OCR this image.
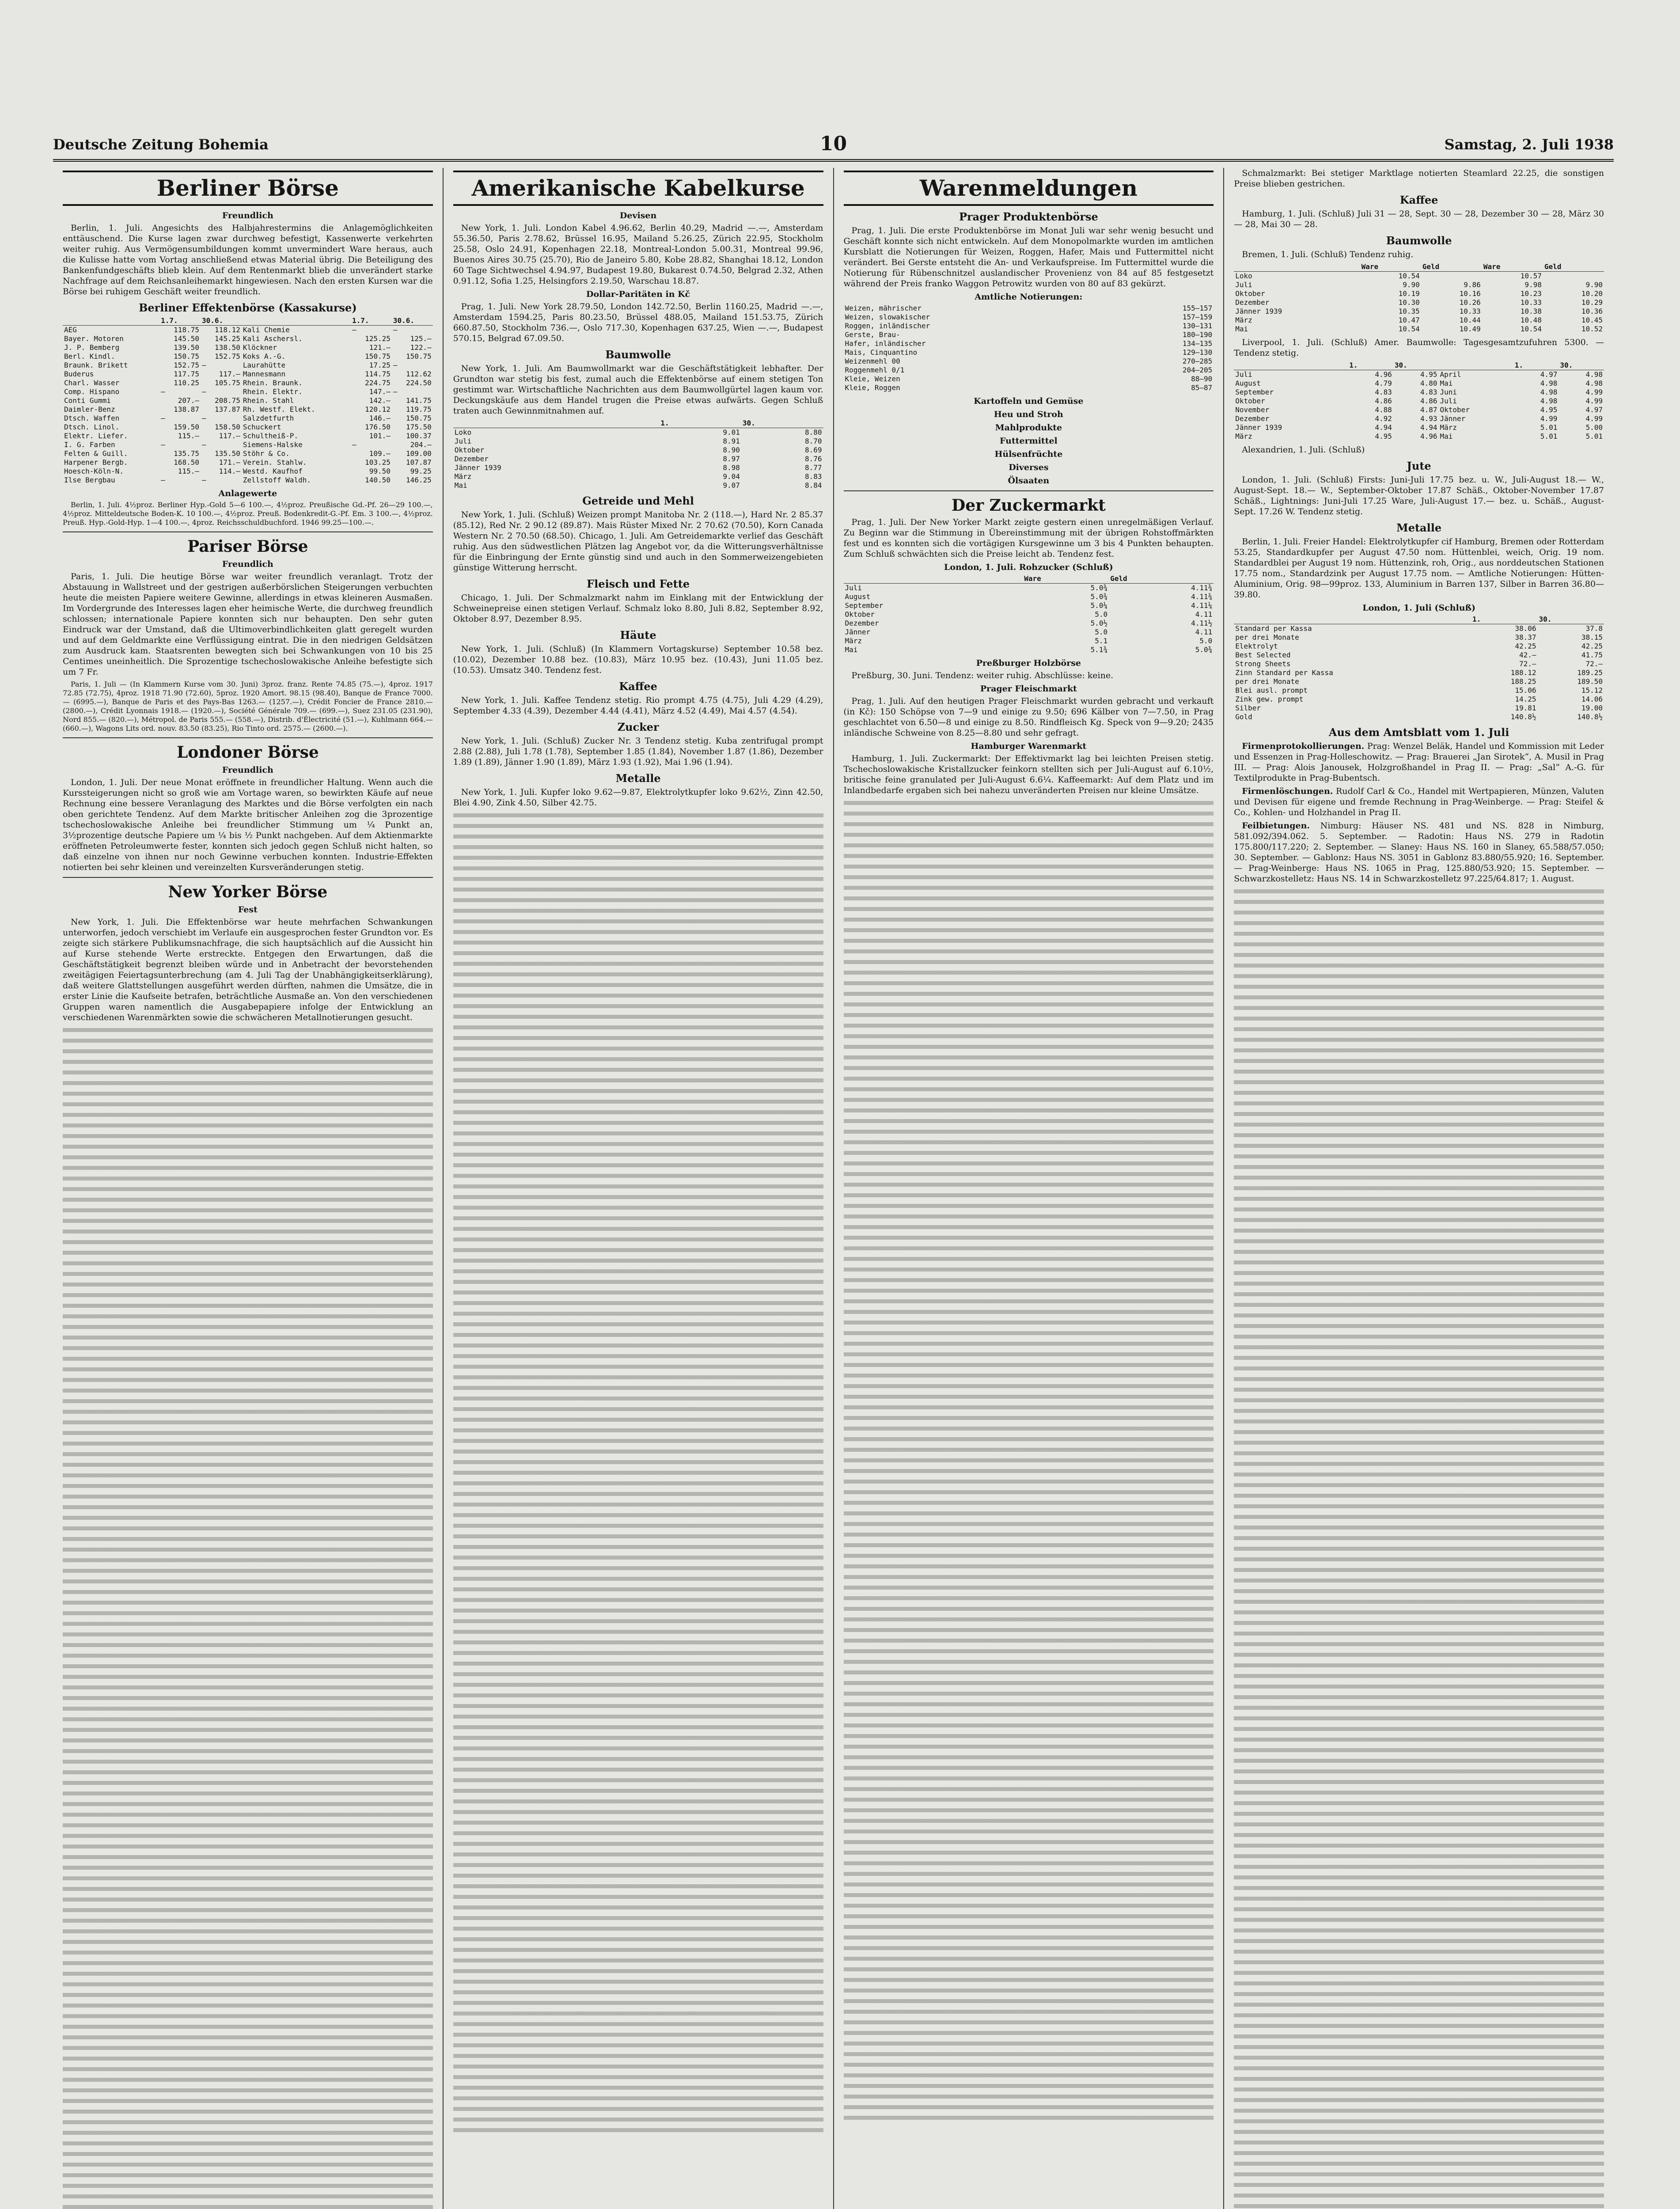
Deutsche Zeitung Bohemia	10	Samstag, 2. Juli 1938
Berliner Börse
Freundlich

Berlin, 1. Juli. Angesichts des Halbjahrestermins die Anlagemöglichkeiten enttäuschend. Die Kurse lagen zwar durchweg befestigt, Kassenwerte verkehrten weiter ruhig. Aus Vermögensumbildungen kommt unvermindert Ware heraus, auch die Kulisse hatte vom Vortag anschließend etwas Material übrig. Die Beteiligung des Bankenfundgeschäfts blieb klein. Auf dem Rentenmarkt blieb die unverändert starke Nachfrage auf dem Reichsanleihemarkt hingewiesen. Nach den ersten Kursen war die Börse bei ruhigem Geschäft weiter freundlich.

Berliner Effektenbörse (Kassakurse)
	1.7.	30.6.		1.7.	30.6.
AEG	118.75	118.12	Kali Chemie	—	—
Bayer. Motoren	145.50	145.25	Kali Aschersl.	125.25	125.—
J. P. Bemberg	139.50	138.50	Klöckner	121.—	122.—
Berl. Kindl.	150.75	152.75	Koks A.-G.	150.75	150.75
Braunk. Brikett	152.75	—	Laurahütte	17.25	—
Buderus	117.75	117.—	Mannesmann	114.75	112.62
Charl. Wasser	110.25	105.75	Rhein. Braunk.	224.75	224.50
Comp. Hispano	—	—	Rhein. Elektr.	147.—	—
Conti Gummi	207.—	208.75	Rhein. Stahl	142.—	141.75
Daimler-Benz	138.87	137.87	Rh. Westf. Elekt.	120.12	119.75
Dtsch. Waffen	—	—	Salzdetfurth	146.—	150.75
Dtsch. Linol.	159.50	158.50	Schuckert	176.50	175.50
Elektr. Liefer.	115.—	117.—	Schultheiß-P.	101.—	100.37
I. G. Farben	—	—	Siemens-Halske	—	204.—
Felten & Guill.	135.75	135.50	Stöhr & Co.	109.—	109.00
Harpener Bergb.	168.50	171.—	Verein. Stahlw.	103.25	107.87
Hoesch-Köln-N.	115.—	114.—	Westd. Kaufhof	99.50	99.25
Ilse Bergbau	—	—	Zellstoff Waldh.	140.50	146.25
Anlagewerte

Berlin, 1. Juli. 4½proz. Berliner Hyp.-Gold 5—6 100.—, 4½proz. Preußische Gd.-Pf. 26—29 100.—, 4½proz. Mitteldeutsche Boden-K. 10 100.—, 4½proz. Preuß. Bodenkredit-G.-Pf. Em. 3 100.—, 4½proz. Preuß. Hyp.-Gold-Hyp. 1—4 100.—, 4proz. Reichsschuldbuchford. 1946 99.25—100.—.

Pariser Börse
Freundlich

Paris, 1. Juli. Die heutige Börse war weiter freundlich veranlagt. Trotz der Abstauung in Wallstreet und der gestrigen außerbörslichen Steigerungen verbuchten heute die meisten Papiere weitere Gewinne, allerdings in etwas kleineren Ausmaßen. Im Vordergrunde des Interesses lagen eher heimische Werte, die durchweg freundlich schlossen; internationale Papiere konnten sich nur behaupten. Den sehr guten Eindruck war der Umstand, daß die Ultimoverbindlichkeiten glatt geregelt wurden und auf dem Geldmarkte eine Verflüssigung eintrat. Die in den niedrigen Geldsätzen zum Ausdruck kam. Staatsrenten bewegten sich bei Schwankungen von 10 bis 25 Centimes uneinheitlich. Die Sprozentige tschechoslowakische Anleihe befestigte sich um 7 Fr.

Paris, 1. Juli — (In Klammern Kurse vom 30. Juni) 3proz. franz. Rente 74.85 (75.—), 4proz. 1917 72.85 (72.75), 4proz. 1918 71.90 (72.60), 5proz. 1920 Amort. 98.15 (98.40), Banque de France 7000.— (6995.—), Banque de Paris et des Pays-Bas 1263.— (1257.—), Crédit Foncier de France 2810.— (2800.—), Crédit Lyonnais 1918.— (1920.—), Société Générale 709.— (699.—), Suez 231.05 (231.90), Nord 855.— (820.—), Métropol. de Paris 555.— (558.—), Distrib. d'Électricité (51.—), Kuhlmann 664.— (660.—), Wagons Lits ord. nouv. 83.50 (83.25), Rio Tinto ord. 2575.— (2600.—).

Londoner Börse
Freundlich

London, 1. Juli. Der neue Monat eröffnete in freundlicher Haltung. Wenn auch die Kurssteigerungen nicht so groß wie am Vortage waren, so bewirkten Käufe auf neue Rechnung eine bessere Veranlagung des Marktes und die Börse verfolgten ein nach oben gerichtete Tendenz. Auf dem Markte britischer Anleihen zog die 3prozentige tschechoslowakische Anleihe bei freundlicher Stimmung um ¼ Punkt an, 3½prozentige deutsche Papiere um ¼ bis ½ Punkt nachgeben. Auf dem Aktienmarkte eröffneten Petroleumwerte fester, konnten sich jedoch gegen Schluß nicht halten, so daß einzelne von ihnen nur noch Gewinne verbuchen konnten. Industrie-Effekten notierten bei sehr kleinen und vereinzelten Kursveränderungen stetig.

New Yorker Börse
Fest

New York, 1. Juli. Die Effektenbörse war heute mehrfachen Schwankungen unterworfen, jedoch verschiebt im Verlaufe ein ausgesprochen fester Grundton vor. Es zeigte sich stärkere Publikumsnachfrage, die sich hauptsächlich auf die Aussicht hin auf Kurse stehende Werte erstreckte. Entgegen den Erwartungen, daß die Geschäftstätigkeit begrenzt bleiben würde und in Anbetracht der bevorstehenden zweitägigen Feiertagsunterbrechung (am 4. Juli Tag der Unabhängigkeitserklärung), daß weitere Glattstellungen ausgeführt werden dürften, nahmen die Umsätze, die in erster Linie die Kaufseite betrafen, beträchtliche Ausmaße an. Von den verschiedenen Gruppen waren namentlich die Ausgabepapiere infolge der Entwicklung an verschiedenen Warenmärkten sowie die schwächeren Metallnotierungen gesucht.

Amerikanische Kabelkurse
Devisen

New York, 1. Juli. London Kabel 4.96.62, Berlin 40.29, Madrid —.—, Amsterdam 55.36.50, Paris 2.78.62, Brüssel 16.95, Mailand 5.26.25, Zürich 22.95, Stockholm 25.58, Oslo 24.91, Kopenhagen 22.18, Montreal-London 5.00.31, Montreal 99.96, Buenos Aires 30.75 (25.70), Rio de Janeiro 5.80, Kobe 28.82, Shanghai 18.12, London 60 Tage Sichtwechsel 4.94.97, Budapest 19.80, Bukarest 0.74.50, Belgrad 2.32, Athen 0.91.12, Sofia 1.25, Helsingfors 2.19.50, Warschau 18.87.

Dollar-Paritäten in Kč

Prag, 1. Juli. New York 28.79.50, London 142.72.50, Berlin 1160.25, Madrid —.—, Amsterdam 1594.25, Paris 80.23.50, Brüssel 488.05, Mailand 151.53.75, Zürich 660.87.50, Stockholm 736.—, Oslo 717.30, Kopenhagen 637.25, Wien —.—, Budapest 570.15, Belgrad 67.09.50.

Baumwolle

New York, 1. Juli. Am Baumwollmarkt war die Geschäftstätigkeit lebhafter. Der Grundton war stetig bis fest, zumal auch die Effektenbörse auf einem stetigen Ton gestimmt war. Wirtschaftliche Nachrichten aus dem Baumwollgürtel lagen kaum vor. Deckungskäufe aus dem Handel trugen die Preise etwas aufwärts. Gegen Schluß traten auch Gewinnmitnahmen auf.

	1.	30.
Loko	9.01	8.80
Juli	8.91	8.70
Oktober	8.90	8.69
Dezember	8.97	8.76
Jänner 1939	8.98	8.77
März	9.04	8.83
Mai	9.07	8.84
Getreide und Mehl

New York, 1. Juli. (Schluß) Weizen prompt Manitoba Nr. 2 (118.—), Hard Nr. 2 85.37 (85.12), Red Nr. 2 90.12 (89.87). Mais Rüster Mixed Nr. 2 70.62 (70.50), Korn Canada Western Nr. 2 70.50 (68.50). Chicago, 1. Juli. Am Getreidemarkte verlief das Geschäft ruhig. Aus den südwestlichen Plätzen lag Angebot vor, da die Witterungsverhältnisse für die Einbringung der Ernte günstig sind und auch in den Sommerweizengebieten günstige Witterung herrscht.

Fleisch und Fette

Chicago, 1. Juli. Der Schmalzmarkt nahm im Einklang mit der Entwicklung der Schweinepreise einen stetigen Verlauf. Schmalz loko 8.80, Juli 8.82, September 8.92, Oktober 8.97, Dezember 8.95.

Häute

New York, 1. Juli. (Schluß) (In Klammern Vortagskurse) September 10.58 bez. (10.02), Dezember 10.88 bez. (10.83), März 10.95 bez. (10.43), Juni 11.05 bez. (10.53). Umsatz 340. Tendenz fest.

Kaffee

New York, 1. Juli. Kaffee Tendenz stetig. Rio prompt 4.75 (4.75), Juli 4.29 (4.29), September 4.33 (4.39), Dezember 4.44 (4.41), März 4.52 (4.49), Mai 4.57 (4.54).

Zucker

New York, 1. Juli. (Schluß) Zucker Nr. 3 Tendenz stetig. Kuba zentrifugal prompt 2.88 (2.88), Juli 1.78 (1.78), September 1.85 (1.84), November 1.87 (1.86), Dezember 1.89 (1.89), Jänner 1.90 (1.89), März 1.93 (1.92), Mai 1.96 (1.94).

Metalle

New York, 1. Juli. Kupfer loko 9.62—9.87, Elektrolytkupfer loko 9.62½, Zinn 42.50, Blei 4.90, Zink 4.50, Silber 42.75.

Warenmeldungen
Prager Produktenbörse

Prag, 1. Juli. Die erste Produktenbörse im Monat Juli war sehr wenig besucht und Geschäft konnte sich nicht entwickeln. Auf dem Monopolmarkte wurden im amtlichen Kursblatt die Notierungen für Weizen, Roggen, Hafer, Mais und Futtermittel nicht verändert. Bei Gerste entsteht die An- und Verkaufspreise. Im Futtermittel wurde die Notierung für Rübenschnitzel auslandischer Provenienz von 84 auf 85 festgesetzt während der Preis franko Waggon Petrowitz wurden von 80 auf 83 gekürzt.

Amtliche Notierungen:
Weizen, mährischer	155—157
Weizen, slowakischer	157—159
Roggen, inländischer	130—131
Gerste, Brau-	180—190
Hafer, inländischer	134—135
Mais, Cinquantino	129—130
Weizenmehl 00	270—285
Roggenmehl 0/1	204—205
Kleie, Weizen	88—90
Kleie, Roggen	85—87
Kartoffeln und Gemüse
Heu und Stroh
Mahlprodukte
Futtermittel
Hülsenfrüchte
Diverses
Ölsaaten
Der Zuckermarkt

Prag, 1. Juli. Der New Yorker Markt zeigte gestern einen unregelmäßigen Verlauf. Zu Beginn war die Stimmung in Übereinstimmung mit der übrigen Rohstoffmärkten fest und es konnten sich die vortägigen Kursgewinne um 3 bis 4 Punkten behaupten. Zum Schluß schwächten sich die Preise leicht ab. Tendenz fest.

London, 1. Juli. Rohzucker (Schluß)
	Ware	Geld
Juli	5.0¾	4.11¾
August	5.0¾	4.11¾
September	5.0¼	4.11¼
Oktober	5.0	4.11
Dezember	5.0½	4.11½
Jänner	5.0	4.11
März	5.1	5.0
Mai	5.1¾	5.0¾
Preßburger Holzbörse

Preßburg, 30. Juni. Tendenz: weiter ruhig. Abschlüsse: keine.

Prager Fleischmarkt

Prag, 1. Juli. Auf den heutigen Prager Fleischmarkt wurden gebracht und verkauft (in Kč): 150 Schöpse von 7—9 und einige zu 9.50; 696 Kälber von 7—7.50, in Prag geschlachtet von 6.50—8 und einige zu 8.50. Rindfleisch Kg. Speck von 9—9.20; 2435 inländische Schweine von 8.25—8.80 und sehr gefragt.

Hamburger Warenmarkt

Hamburg, 1. Juli. Zuckermarkt: Der Effektivmarkt lag bei leichten Preisen stetig. Tschechoslowakische Kristallzucker feinkorn stellten sich per Juli-August auf 6.10½, britische feine granulated per Juli-August 6.6¼. Kaffeemarkt: Auf dem Platz und im Inlandbedarfe ergaben sich bei nahezu unveränderten Preisen nur kleine Umsätze.

Schmalzmarkt: Bei stetiger Marktlage notierten Steamlard 22.25, die sonstigen Preise blieben gestrichen.

Kaffee

Hamburg, 1. Juli. (Schluß) Juli 31 — 28, Sept. 30 — 28, Dezember 30 — 28, März 30 — 28, Mai 30 — 28.

Baumwolle

Bremen, 1. Juli. (Schluß) Tendenz ruhig.

	Ware	Geld	Ware	Geld
Loko	10.54		10.57	
Juli	9.90	9.86	9.98	9.90
Oktober	10.19	10.16	10.23	10.20
Dezember	10.30	10.26	10.33	10.29
Jänner 1939	10.35	10.33	10.38	10.36
März	10.47	10.44	10.48	10.45
Mai	10.54	10.49	10.54	10.52

Liverpool, 1. Juli. (Schluß) Amer. Baumwolle: Tagesgesamtzufuhren 5300. — Tendenz stetig.

	1.	30.		1.	30.
Juli	4.96	4.95	April	4.97	4.98
August	4.79	4.80	Mai	4.98	4.98
September	4.83	4.83	Juni	4.98	4.99
Oktober	4.86	4.86	Juli	4.98	4.99
November	4.88	4.87	Oktober	4.95	4.97
Dezember	4.92	4.93	Jänner	4.99	4.99
Jänner 1939	4.94	4.94	März	5.01	5.00
März	4.95	4.96	Mai	5.01	5.01

Alexandrien, 1. Juli. (Schluß)

Jute

London, 1. Juli. (Schluß) Firsts: Juni-Juli 17.75 bez. u. W., Juli-August 18.— W., August-Sept. 18.— W., September-Oktober 17.87 Schäß., Oktober-November 17.87 Schäß., Lightnings: Juni-Juli 17.25 Ware, Juli-August 17.— bez. u. Schäß., August-Sept. 17.26 W. Tendenz stetig.

Metalle

Berlin, 1. Juli. Freier Handel: Elektrolytkupfer cif Hamburg, Bremen oder Rotterdam 53.25, Standardkupfer per August 47.50 nom. Hüttenblei, weich, Orig. 19 nom. Standardblei per August 19 nom. Hüttenzink, roh, Orig., aus norddeutschen Stationen 17.75 nom., Standardzink per August 17.75 nom. — Amtliche Notierungen: Hütten-Aluminium, Orig. 98—99proz. 133, Aluminium in Barren 137, Silber in Barren 36.80—39.80.

London, 1. Juli (Schluß)
	1.	30.
Standard per Kassa	38.06	37.8
per drei Monate	38.37	38.15
Elektrolyt	42.25	42.25
Best Selected	42.—	41.75
Strong Sheets	72.—	72.—
Zinn Standard per Kassa	188.12	189.25
per drei Monate	188.25	189.50
Blei ausl. prompt	15.06	15.12
Zink gew. prompt	14.25	14.06
Silber	19.81	19.00
Gold	140.8½	140.8½
Aus dem Amtsblatt vom 1. Juli

Firmenprotokollierungen. Prag: Wenzel Beläk, Handel und Kommission mit Leder und Essenzen in Prag-Holleschowitz. — Prag: Brauerei „Jan Sirotek“, A. Musil in Prag III. — Prag: Alois Janousek, Holzgroßhandel in Prag II. — Prag: „Sal“ A.-G. für Textilprodukte in Prag-Bubentsch.

Firmenlöschungen. Rudolf Carl & Co., Handel mit Wertpapieren, Münzen, Valuten und Devisen für eigene und fremde Rechnung in Prag-Weinberge. — Prag: Steifel & Co., Kohlen- und Holzhandel in Prag II.

Feilbietungen. Nimburg: Häuser NS. 481 und NS. 828 in Nimburg, 581.092/394.062. 5. September. — Radotin: Haus NS. 279 in Radotin 175.800/117.220; 2. September. — Slaney: Haus NS. 160 in Slaney, 65.588/57.050; 30. September. — Gablonz: Haus NS. 3051 in Gablonz 83.880/55.920; 16. September. — Prag-Weinberge: Haus NS. 1065 in Prag, 125.880/53.920; 15. September. — Schwarzkostelletz: Haus NS. 14 in Schwarzkostelletz 97.225/64.817; 1. August.
